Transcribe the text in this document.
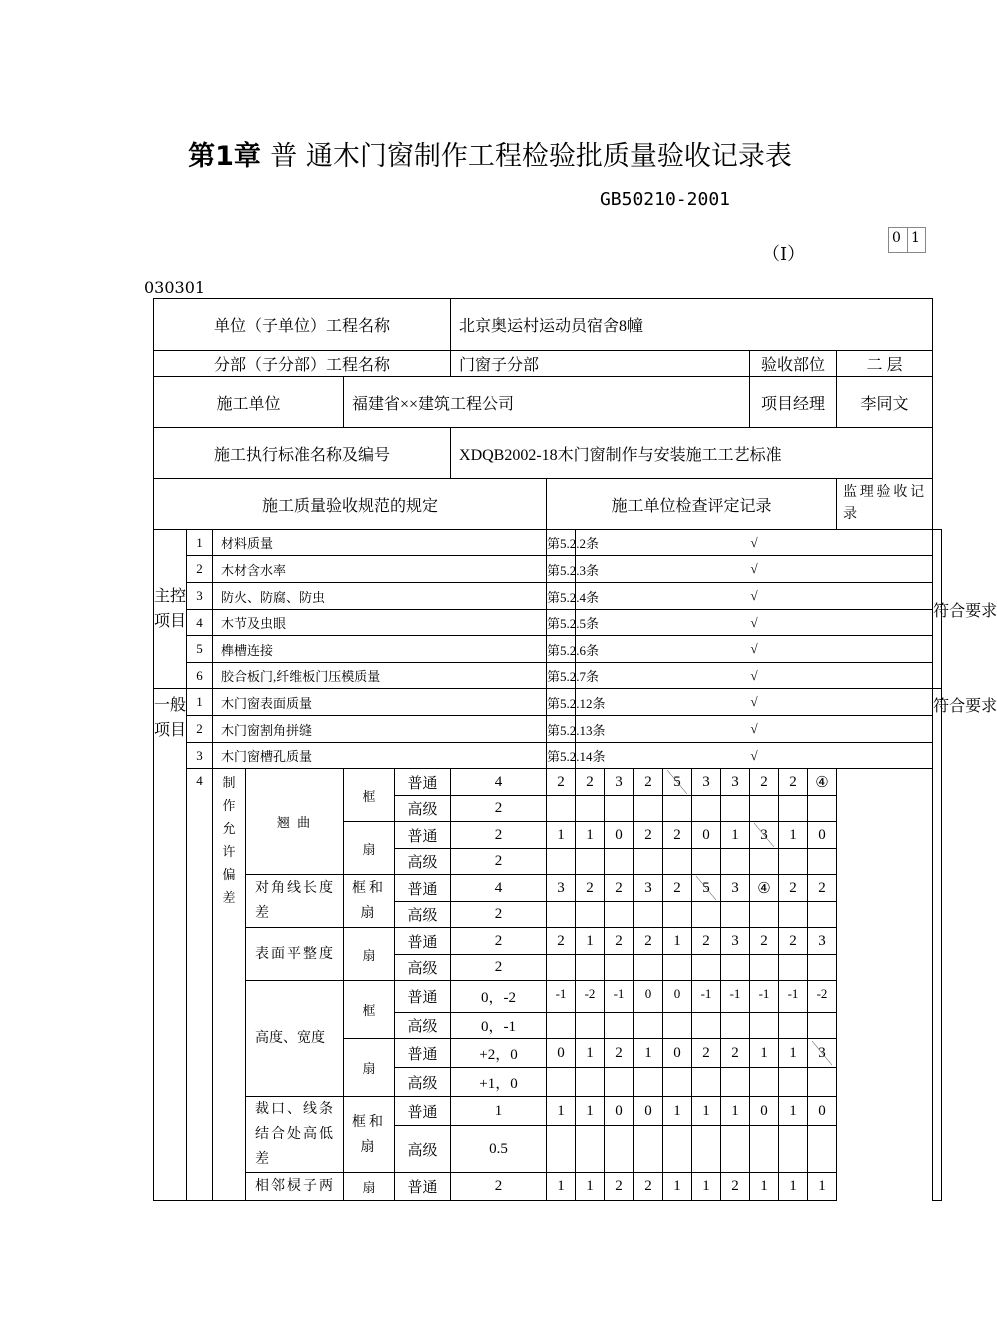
第1章 普 通木门窗制作工程检验批质量验收记录表
GB50210-2001
（Ⅰ）
0 1
030301
单位（子单位）工程名称						北京奥运村运动员宿舍8幢												
分部（子分部）工程名称						门窗子分部								验收部位			二 层	
施工单位				福建省××建筑工程公司										项目经理			李同文	
施工执行标准名称及编号						XDQB2002-18木门窗制作与安装施工工艺标准												
施工质量验收规范的规定							施工单位检查评定记录										监理验收记录	
主控项目	1	材料质量					第5.2.2条	√										符合要求
	2	木材含水率					第5.2.3条	√										
	3	防火、防腐、防虫					第5.2.4条	√										
	4	木节及虫眼					第5.2.5条	√										
	5	榫槽连接					第5.2.6条	√										
	6	胶合板门,纤维板门压模质量					第5.2.7条	√										
一般项目	1	木门窗表面质量					第5.2.12条	√										符合要求
	2	木门窗割角拼缝					第5.2.13条	√										
	3	木门窗槽孔质量					第5.2.14条	√										
	4	制作允许偏差	翘 曲	框	普通	4	2	2	3	2	5	3	3	2	2	④		
					高级	2												
				扇	普通	2	1	1	0	2	2	0	1	3	1	0		
					高级	2												
			对角线长度差	框和扇	普通	4	3	2	2	3	2	5	3	④	2	2		
					高级	2												
			表面平整度	扇	普通	2	2	1	2	2	1	2	3	2	2	3		
					高级	2												
			高度、宽度	框	普通	0，-2	-1	-2	-1	0	0	-1	-1	-1	-1	-2		
					高级	0，-1												
				扇	普通	+2，0	0	1	2	1	0	2	2	1	1	3		
					高级	+1，0												
			裁口、线条结合处高低差	框和扇	普通	1	1	1	0	0	1	1	1	0	1	0		
					高级	0.5												
			相邻棂子两	扇	普通	2	1	1	2	2	1	1	2	1	1	1		
